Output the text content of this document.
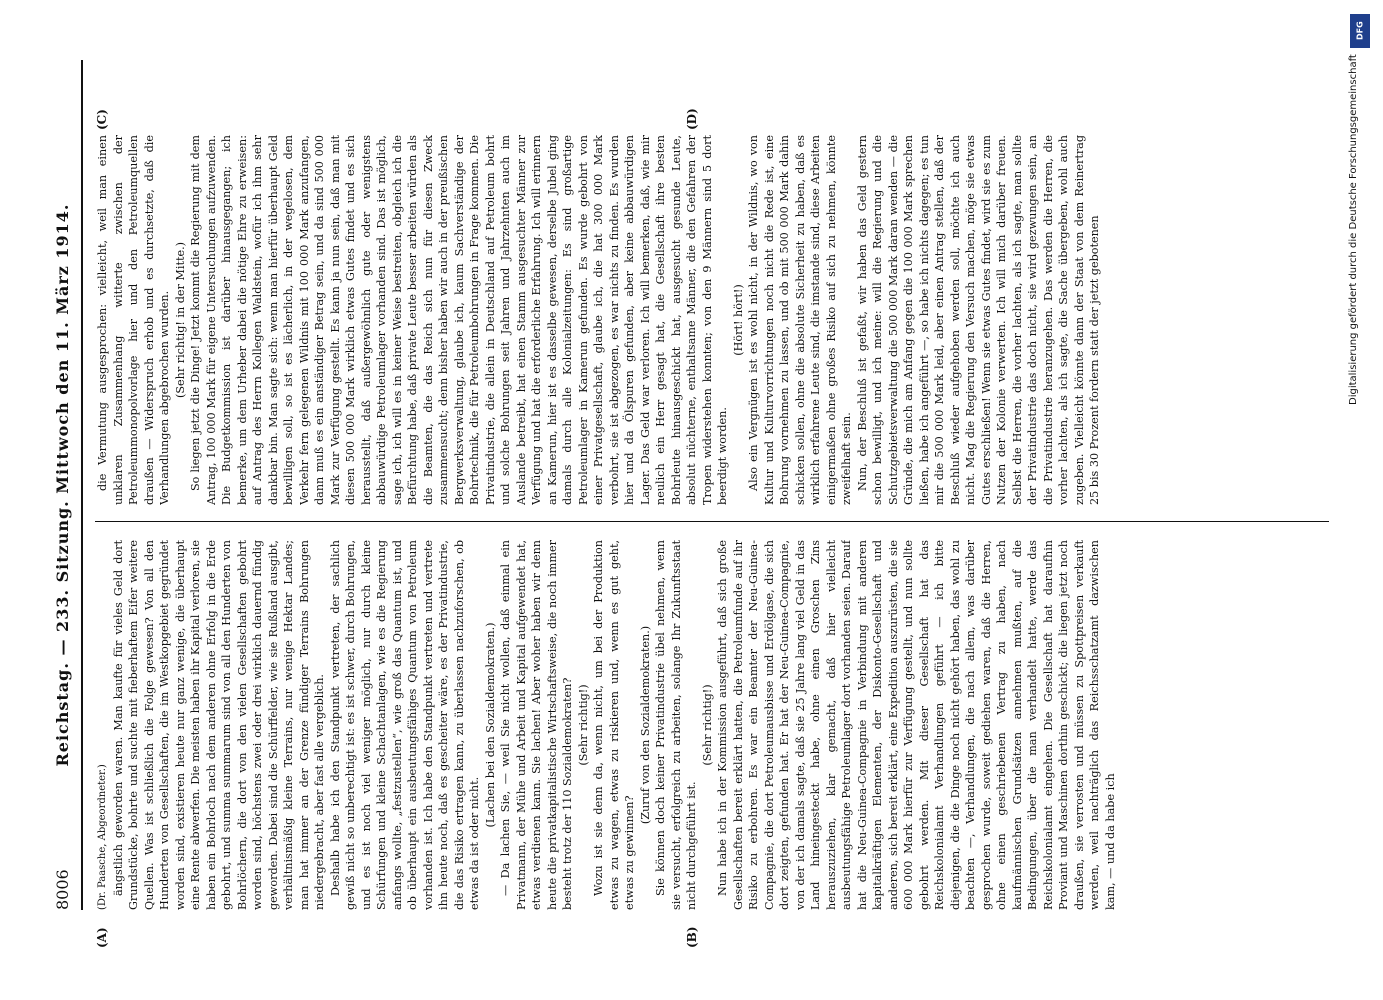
8006
Reichstag. — 233. Sitzung. Mittwoch den 11. März 1914.

(Dr. Paasche, Abgeordneter.) ängstlich geworden waren. Man kaufte für vieles Geld dort Grundstücke, bohrte und suchte mit fieberhaftem Eifer weitere Quellen. Was ist schließlich die Folge gewesen? Von all den Hunderten von Gesellschaften, die im Westkopgebiet gegründet worden sind, existieren heute nur ganz wenige, die überhaupt eine Rente abwerfen. Die meisten haben ihr Kapital verloren, sie haben ein Bohrloch nach dem anderen ohne Erfolg in die Erde gebohrt, und summa summarum sind von all den Hunderten von Bohrlöchern, die dort von den vielen Gesellschaften gebohrt worden sind, höchstens zwei oder drei wirklich dauernd fündig geworden. Dabei sind die Schürffelder, wie sie Rußland ausgibt, verhältnismäßig kleine Terrains, nur wenige Hektar Landes; man hat immer an der Grenze fündiger Terrains Bohrungen niedergebracht, aber fast alle vergeblich. Deshalb habe ich den Standpunkt vertreten, der sachlich gewiß nicht so unberechtigt ist: es ist schwer, durch Bohrungen, und es ist noch viel weniger möglich, nur durch kleine Schürfungen und kleine Schachtanlagen, wie es die Regierung anfangs wollte, „festzustellen“, wie groß das Quantum ist, und ob überhaupt ein ausbeutungsfähiges Quantum von Petroleum vorhanden ist. Ich habe den Standpunkt vertreten und vertrete ihn heute noch, daß es gescheiter wäre, es der Privatindustrie, die das Risiko ertragen kann, zu überlassen nachzuforschen, ob etwas da ist oder nicht.

(Lachen bei den Sozialdemokraten.) — Da lachen Sie, — weil Sie nicht wollen, daß einmal ein Privatmann, der Mühe und Arbeit und Kapital aufgewendet hat, etwas verdienen kann. Sie lachen! Aber woher haben wir denn heute die privatkapitalistische Wirtschaftsweise, die noch immer besteht trotz der 110 Sozialdemokraten? (Sehr richtig!) Wozu ist sie denn da, wenn nicht, um bei der Produktion etwas zu wagen, etwas zu riskieren und, wenn es gut geht, etwas zu gewinnen?

(Zuruf von den Sozialdemokraten.) Sie können doch keiner Privatindustrie übel nehmen, wenn sie versucht, erfolgreich zu arbeiten, solange Ihr Zukunftsstaat nicht durchgeführt ist.

(Sehr richtig!) Nun habe ich in der Kommission ausgeführt, daß sich große Gesellschaften bereit erklärt hatten, die Petroleumfunde auf ihr Risiko zu erbohren. Es war ein Beamter der Neu-Guinea-Compagnie, die dort Petroleumausbisse und Erdölgase, die sich dort zeigten, gefunden hat. Er hat der Neu-Guinea-Compagnie, von der ich damals sagte, daß sie 25 Jahre lang viel Geld in das Land hineingesteckt habe, ohne einen Groschen Zins herauszuziehen, klar gemacht, daß hier vielleicht ausbeutungsfähige Petroleumlager dort vorhanden seien. Darauf hat die Neu-Guinea-Compagnie in Verbindung mit anderen kapitalkräftigen Elementen, der Diskonto-Gesellschaft und anderen, sich bereit erklärt, eine Expedition auszurüsten, die sie 600 000 Mark hierfür zur Verfügung gestellt, und nun sollte gebohrt werden. Mit dieser Gesellschaft hat das Reichskolonialamt Verhandlungen geführt — ich bitte diejenigen, die die Dinge noch nicht gehört haben, das wohl zu beachten —, Verhandlungen, die nach allem, was darüber gesprochen wurde, soweit gediehen waren, daß die Herren, ohne einen geschriebenen Vertrag zu haben, nach kaufmännischen Grundsätzen annehmen mußten, auf die Bedingungen, über die man verhandelt hatte, werde das Reichskolonialamt eingehen. Die Gesellschaft hat daraufhin Proviant und Maschinen dorthin geschickt; die liegen jetzt noch draußen, sie verrosten und müssen zu Spottpreisen verkauft werden, weil nachträglich das Reichsschatzamt dazwischen kam, — und da habe ich

die Vermutung ausgesprochen: vielleicht, weil man einen unklaren Zusammenhang witterte zwischen der Petroleummonopolvorlage hier und den Petroleumquellen draußen — Widerspruch erhob und es durchsetzte, daß die Verhandlungen abgebrochen wurden. (Sehr richtig! in der Mitte.) So liegen jetzt die Dinge! Jetzt kommt die Regierung mit dem Antrag, 100 000 Mark für eigene Untersuchungen aufzuwenden. Die Budgetkommission ist darüber hinausgegangen; ich bemerke, um dem Urheber dabei die nötige Ehre zu erweisen: auf Antrag des Herrn Kollegen Waldstein, wofür ich ihm sehr dankbar bin. Man sagte sich: wenn man hierfür überhaupt Geld bewilligen soll, so ist es lächerlich, in der wegelosen, dem Verkehr fern gelegenen Wildnis mit 100 000 Mark anzufangen, dann muß es ein anständiger Betrag sein, und da sind 500 000 Mark zur Verfügung gestellt. Es kann ja nun sein, daß man mit diesen 500 000 Mark wirklich etwas Gutes findet und es sich herausstellt, daß außergewöhnlich gute oder wenigstens abbauwürdige Petroleumlager vorhanden sind. Das ist möglich, sage ich, ich will es in keiner Weise bestreiten, obgleich ich die Befürchtung habe, daß private Leute besser arbeiten würden als die Beamten, die das Reich sich nun für diesen Zweck zusammensucht; denn bisher haben wir auch in der preußischen Bergwerksverwaltung, glaube ich, kaum Sachverständige der Bohrtechnik, die für Petroleumbohrungen in Frage kommen. Die Privatindustrie, die allein in Deutschland auf Petroleum bohrt und solche Bohrungen seit Jahren und Jahrzehnten auch im Auslande betreibt, hat einen Stamm ausgesuchter Männer zur Verfügung und hat die erforderliche Erfahrung. Ich will erinnern an Kamerun, hier ist es dasselbe gewesen, derselbe Jubel ging damals durch alle Kolonialzeitungen: Es sind großartige Petroleumlager in Kamerun gefunden. Es wurde gebohrt von einer Privatgesellschaft, glaube ich, die hat 300 000 Mark verbohrt, sie ist abgezogen, es war nichts zu finden. Es wurden hier und da Ölspuren gefunden, aber keine abbauwürdigen Lager. Das Geld war verloren. Ich will bemerken, daß, wie mir neulich ein Herr gesagt hat, die Gesellschaft ihre besten Bohrleute hinausgeschickt hat, ausgesucht gesunde Leute, absolut nüchterne, enthaltsame Männer, die den Gefahren der Tropen widerstehen konnten; von den 9 Männern sind 5 dort beerdigt worden.

(Hört! hört!) Also ein Vergnügen ist es wohl nicht, in der Wildnis, wo von Kultur und Kulturvorrichtungen noch nicht die Rede ist, eine Bohrung vornehmen zu lassen, und ob mit 500 000 Mark dahin schicken sollen, ohne die absolute Sicherheit zu haben, daß es wirklich erfahrene Leute sind, die imstande sind, diese Arbeiten einigermaßen ohne großes Risiko auf sich zu nehmen, könnte zweifelhaft sein. Nun, der Beschluß ist gefaßt, wir haben das Geld gestern schon bewilligt, und ich meine: will die Regierung und die Schutzgebietsverwaltung die 500 000 Mark daran wenden — die Gründe, die mich am Anfang gegen die 100 000 Mark sprechen ließen, habe ich angeführt —, so habe ich nichts dagegen; es tun mir die 500 000 Mark leid, aber einen Antrag stellen, daß der Beschluß wieder aufgehoben werden soll, möchte ich auch nicht. Mag die Regierung den Versuch machen, möge sie etwas Gutes erschließen! Wenn sie etwas Gutes findet, wird sie es zum Nutzen der Kolonie verwerten. Ich will mich darüber freuen. Selbst die Herren, die vorher lachten, als ich sagte, man sollte der Privatindustrie das doch nicht, sie wird gezwungen sein, an die Privatindustrie heranzugehen. Das werden die Herren, die vorher lachten, als ich sagte, die Sache übergeben, wohl auch zugeben. Vielleicht könnte dann der Staat von dem Reinertrag 25 bis 30 Prozent fordern statt der jetzt gebotenen

(A)	(B)
(C)	(D)
DFG
Digitalisierung gefördert durch die Deutsche Forschungsgemeinschaft
